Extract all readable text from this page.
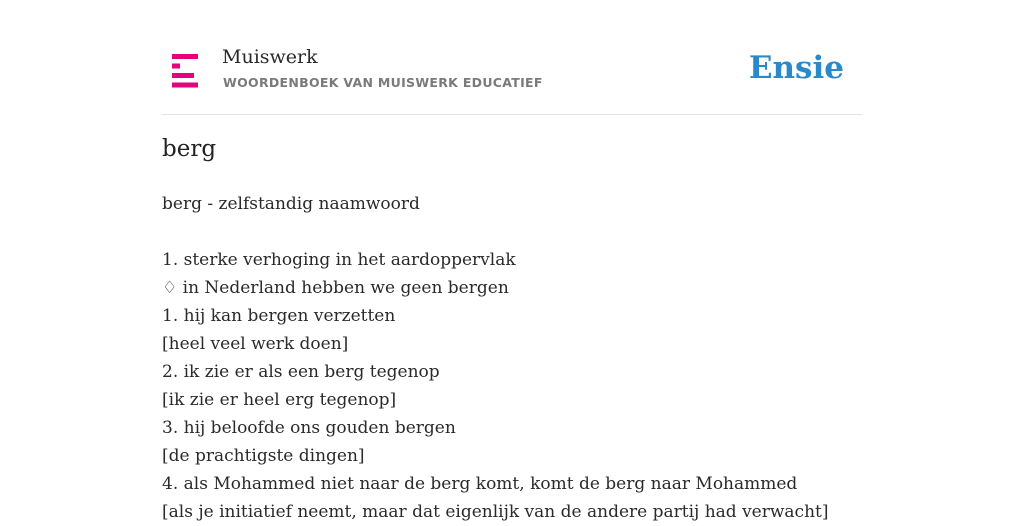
Muiswerk
WOORDENBOEK VAN MUISWERK EDUCATIEF	Ensie
berg
berg - zelfstandig naamwoord
1. sterke verhoging in het aardoppervlak
♢ in Nederland hebben we geen bergen
1. hij kan bergen verzetten
[heel veel werk doen]
2. ik zie er als een berg tegenop
[ik zie er heel erg tegenop]
3. hij beloofde ons gouden bergen
[de prachtigste dingen]
4. als Mohammed niet naar de berg komt, komt de berg naar Mohammed
[als je initiatief neemt, maar dat eigenlijk van de andere partij had verwacht]
